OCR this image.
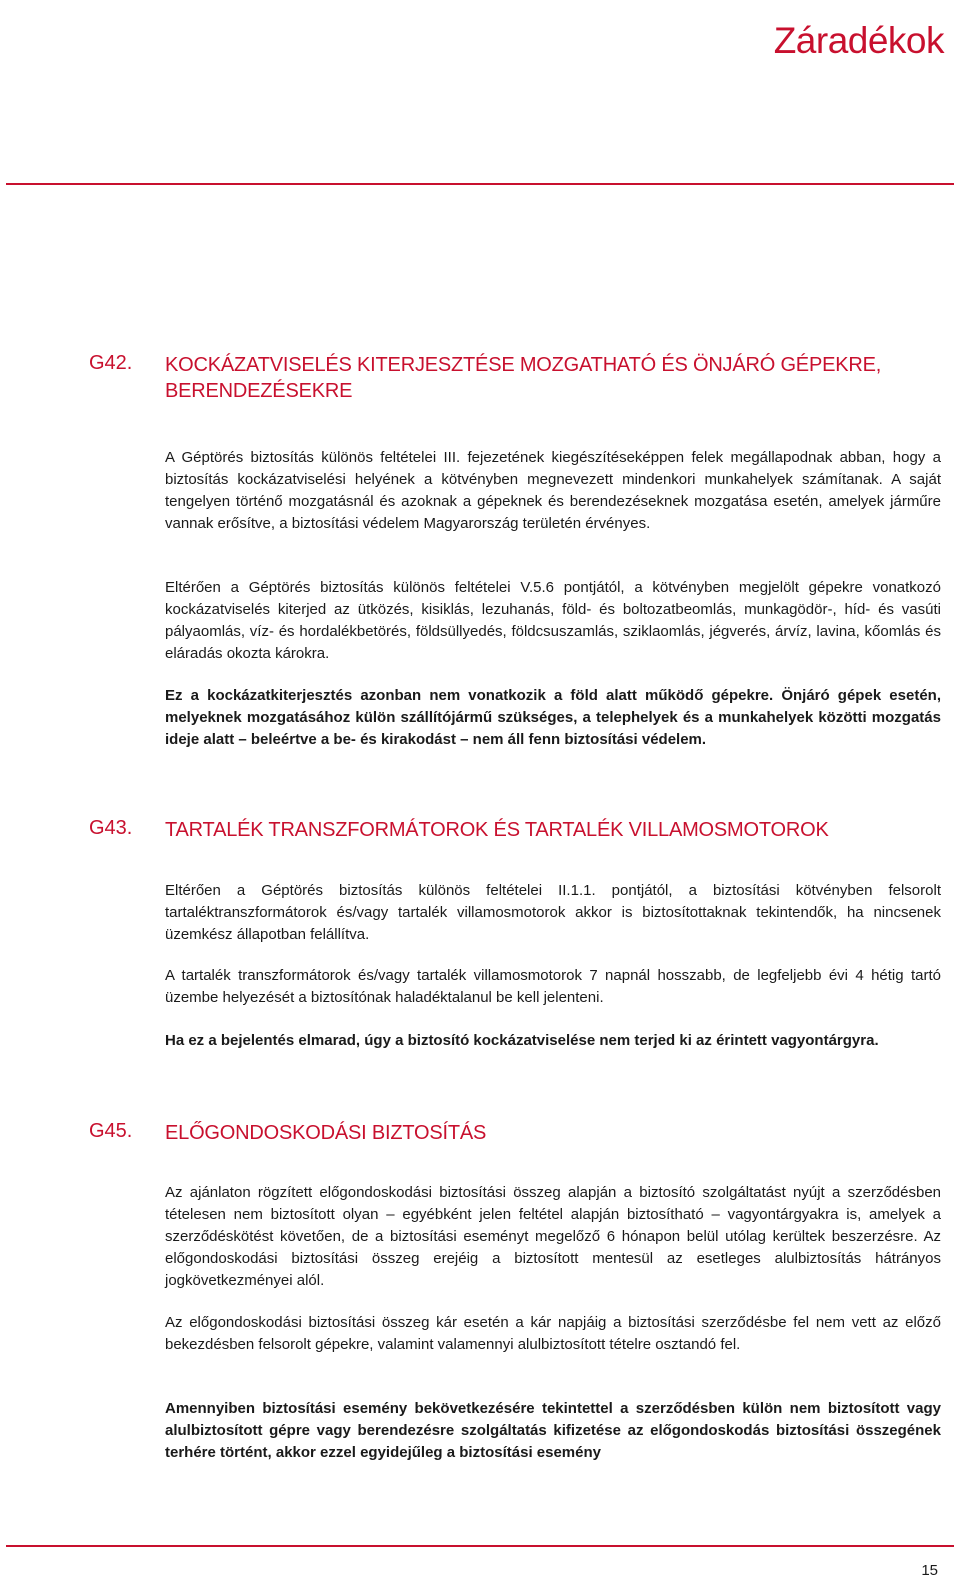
Záradékok
G42. KOCKÁZATVISELÉS KITERJESZTÉSE MOZGATHATÓ ÉS ÖNJÁRÓ GÉPEKRE, BERENDEZÉSEKRE
A Géptörés biztosítás különös feltételei III. fejezetének kiegészítéseképpen felek megállapodnak abban, hogy a biztosítás kockázatviselési helyének a kötvényben megnevezett mindenkori munkahelyek számítanak. A saját tengelyen történő mozgatásnál és azoknak a gépeknek és berendezéseknek mozgatása esetén, amelyek járműre vannak erősítve, a biztosítási védelem Magyarország területén érvényes.
Eltérően a Géptörés biztosítás különös feltételei V.5.6 pontjától, a kötvényben megjelölt gépekre vonatkozó kockázatviselés kiterjed az ütközés, kisiklás, lezuhanás, föld- és boltozatbeomlás, munkagödör-, híd- és vasúti pályaomlás, víz- és hordalékbetörés, földsüllyedés, földcsuszamlás, sziklaomlás, jégverés, árvíz, lavina, kőomlás és eláradás okozta károkra.
Ez a kockázatkiterjesztés azonban nem vonatkozik a föld alatt működő gépekre. Önjáró gépek esetén, melyeknek mozgatásához külön szállítójármű szükséges, a telephelyek és a munkahelyek közötti mozgatás ideje alatt – beleértve a be- és kirakodást – nem áll fenn biztosítási védelem.
G43. TARTALÉK TRANSZFORMÁTOROK ÉS TARTALÉK VILLAMOSMOTOROK
Eltérően a Géptörés biztosítás különös feltételei II.1.1. pontjától, a biztosítási kötvényben felsorolt tartaléktranszformátorok és/vagy tartalék villamosmotorok akkor is biztosítottaknak tekintendők, ha nincsenek üzemkész állapotban felállítva.
A tartalék transzformátorok és/vagy tartalék villamosmotorok 7 napnál hosszabb, de legfeljebb évi 4 hétig tartó üzembe helyezését a biztosítónak haladéktalanul be kell jelenteni.
Ha ez a bejelentés elmarad, úgy a biztosító kockázatviselése nem terjed ki az érintett vagyontárgyra.
G45. ELŐGONDOSKODÁSI BIZTOSÍTÁS
Az ajánlaton rögzített előgondoskodási biztosítási összeg alapján a biztosító szolgáltatást nyújt a szerződésben tételesen nem biztosított olyan – egyébként jelen feltétel alapján biztosítható – vagyontárgyakra is, amelyek a szerződéskötést követően, de a biztosítási eseményt megelőző 6 hónapon belül utólag kerültek beszerzésre. Az előgondoskodási biztosítási összeg erejéig a biztosított mentesül az esetleges alulbiztosítás hátrányos jogkövetkezményei alól.
Az előgondoskodási biztosítási összeg kár esetén a kár napjáig a biztosítási szerződésbe fel nem vett az előző bekezdésben felsorolt gépekre, valamint valamennyi alulbiztosított tételre osztandó fel.
Amennyiben biztosítási esemény bekövetkezésére tekintettel a szerződésben külön nem biztosított vagy alulbiztosított gépre vagy berendezésre szolgáltatás kifizetése az előgondoskodás biztosítási összegének terhére történt, akkor ezzel egyidejűleg a biztosítási esemény
15
